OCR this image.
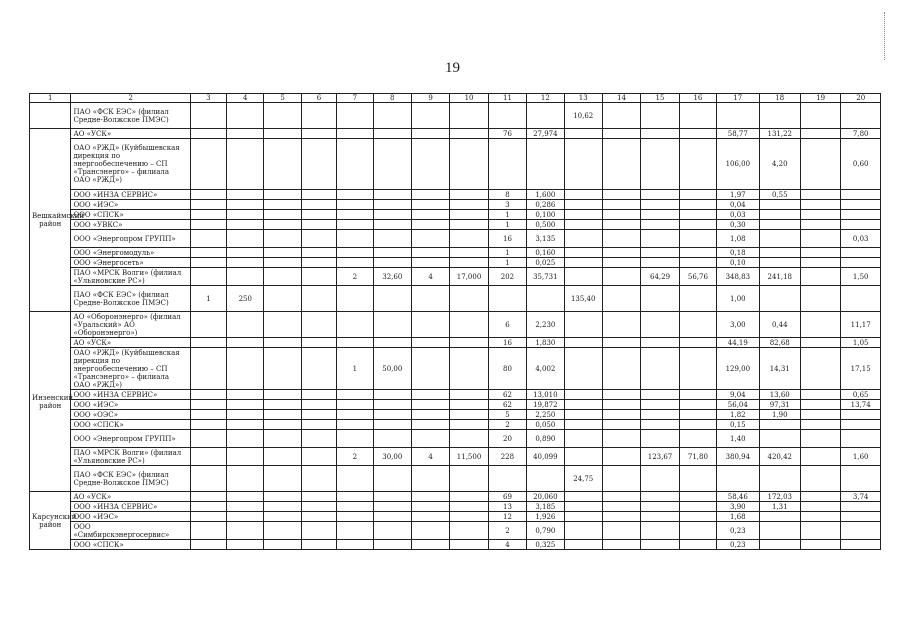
19
1	2	3	4	5	6	7	8	9	10	11	12	13	14	15	16	17	18	19	20
	ПАО «ФСК ЕЭС» (филиал Средне-Волжское ПМЭС)											10,62							
Вешкаймский район	АО «УСК»									76	27,974					58,77	131,22		7,80
	ОАО «РЖД» (Куйбышевская дирекция по энергообеспечению – СП «Трансэнерго» – филиала ОАО «РЖД»)															106,00	4,20		0,60
	ООО «ИНЗА СЕРВИС»									8	1,600					1,97	0,55		
	ООО «ИЭС»									3	0,286					0,04			
	ООО «СПСК»									1	0,100					0,03			
	ООО «УВКС»									1	0,500					0,30			
	ООО «Энергопром ГРУПП»									16	3,135					1,08			0,03
	ООО «Энергомодуль»									1	0,160					0,18			
	ООО «Энергосеть»									1	0,025					0,10			
	ПАО «МРСК Волги» (филиал «Ульяновские РС»)					2	32,60	4	17,000	202	35,731			64,29	56,76	348,83	241,18		1,50
	ПАО «ФСК ЕЭС» (филиал Средне-Волжское ПМЭС)	1	250									135,40				1,00			
Инзенский район	АО «Оборонэнерго» (филиал «Уральский» АО «Оборонэнерго»)									6	2,230					3,00	0,44		11,17
	АО «УСК»									16	1,830					44,19	82,68		1,05
	ОАО «РЖД» (Куйбышевская дирекция по энергообеспечению – СП «Трансэнерго» – филиала ОАО «РЖД»)					1	50,00			80	4,002					129,00	14,31		17,15
	ООО «ИНЗА СЕРВИС»									62	13,010					9,04	13,60		0,65
	ООО «ИЭС»									62	19,872					56,04	97,31		13,74
	ООО «ОЭС»									5	2,250					1,82	1,90		
	ООО «СПСК»									2	0,050					0,15			
	ООО «Энергопром ГРУПП»									20	0,890					1,40			
	ПАО «МРСК Волги» (филиал «Ульяновские РС»)					2	30,00	4	11,500	228	40,099			123,67	71,80	380,94	420,42		1,60
	ПАО «ФСК ЕЭС» (филиал Средне-Волжское ПМЭС)											24,75							
Карсунский район	АО «УСК»									69	20,060					58,46	172,03		3,74
	ООО «ИНЗА СЕРВИС»									13	3,185					3,90	1,31		
	ООО «ИЭС»									12	1,926					1,68			
	ООО «Симбирскэнергосервис»									2	0,790					0,23			
	ООО «СПСК»									4	0,325					0,23			
